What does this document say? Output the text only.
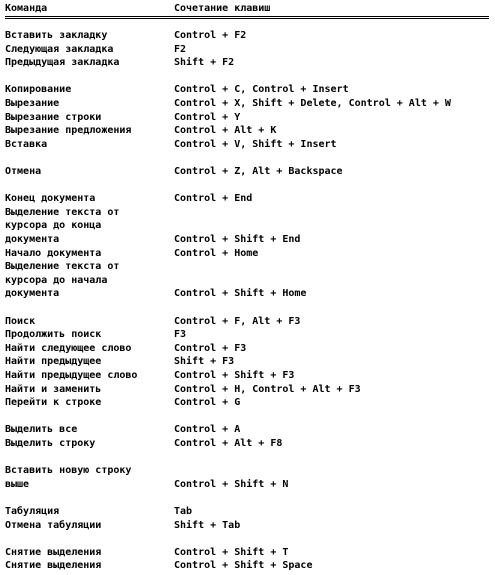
Команда	Сочетание клавиш
Вставить закладку	Control + F2
Следующая закладка	F2
Предыдущая закладка	Shift + F2
Копирование	Control + C, Control + Insert
Вырезание	Control + X, Shift + Delete, Control + Alt + W
Вырезание строки	Control + Y
Вырезание предложения	Control + Alt + K
Вставка	Control + V, Shift + Insert
Отмена	Control + Z, Alt + Backspace
Конец документа	Control + End
Выделение текста от
курсора до конца
документа	Control + Shift + End
Начало документа	Control + Home
Выделение текста от
курсора до начала
документа	Control + Shift + Home
Поиск	Control + F, Alt + F3
Продолжить поиск	F3
Найти следующее слово	Control + F3
Найти предыдущее	Shift + F3
Найти предыдущее слово	Control + Shift + F3
Найти и заменить	Control + H, Control + Alt + F3
Перейти к строке	Control + G
Выделить все	Control + A
Выделить строку	Control + Alt + F8
Вставить новую строку
выше	Control + Shift + N
Табуляция	Tab
Отмена табуляции	Shift + Tab
Снятие выделения	Control + Shift + T
Снятие выделения	Control + Shift + Space
